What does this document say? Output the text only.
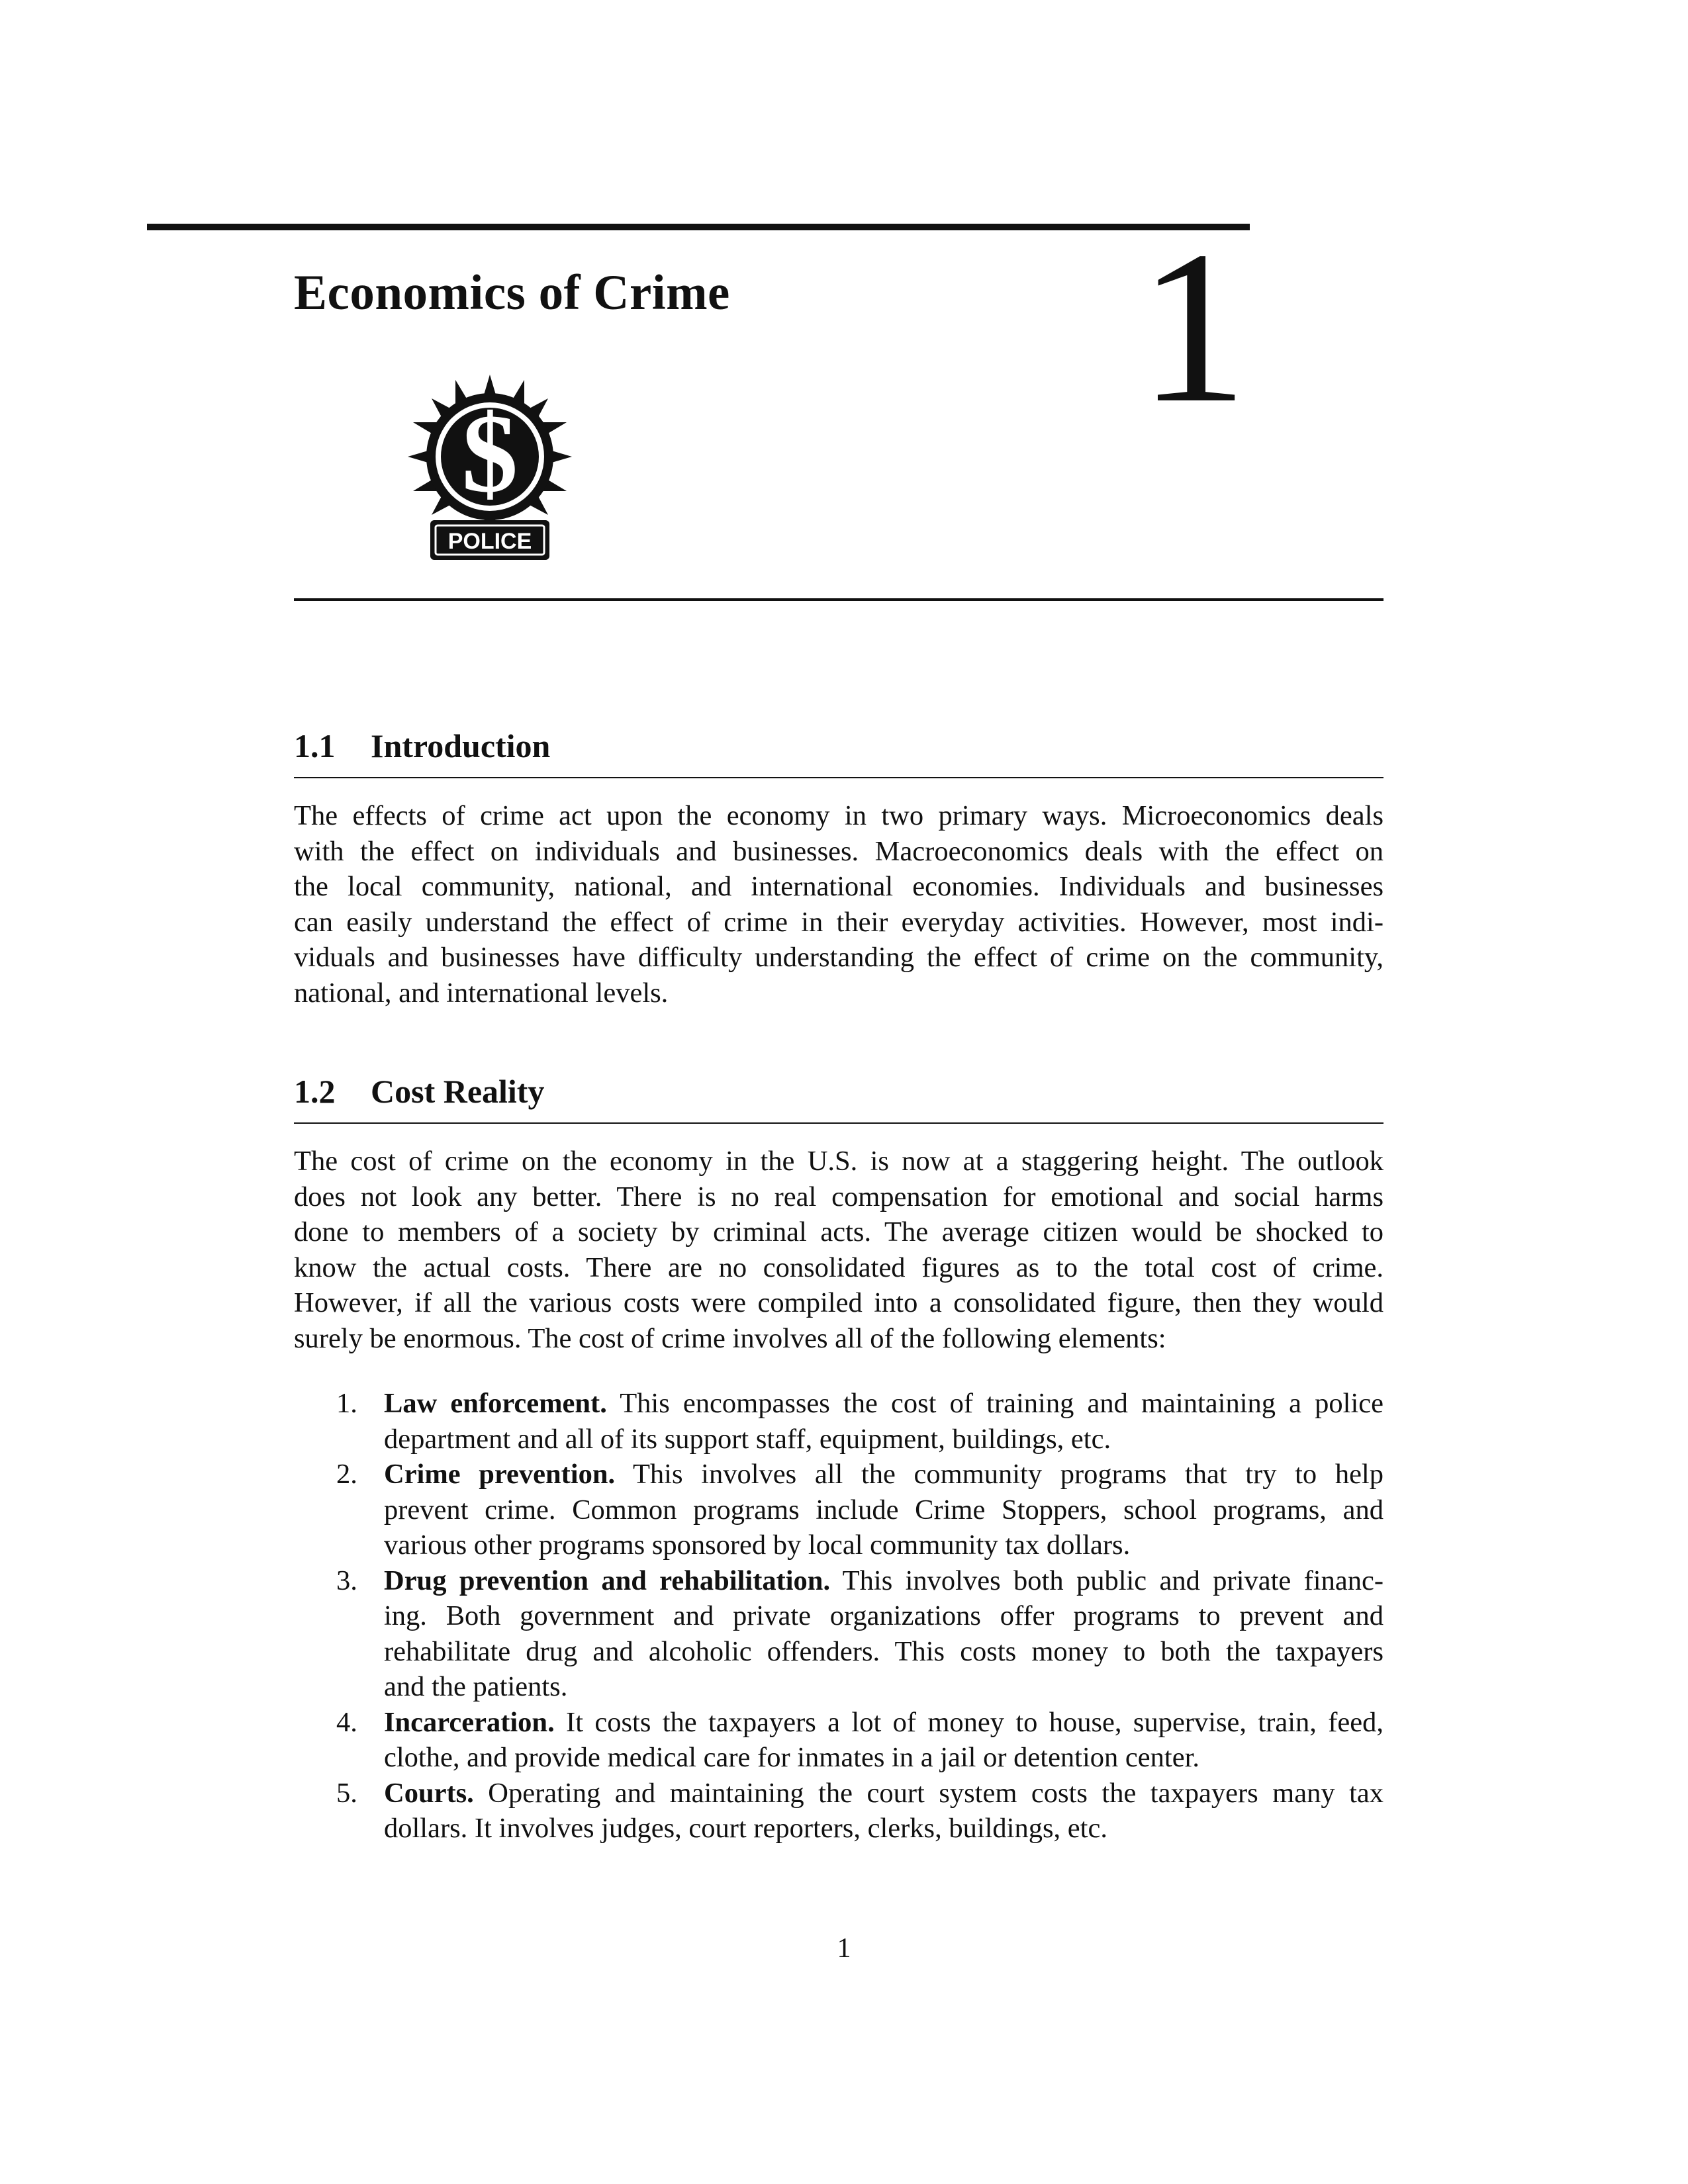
Economics of Crime 1
$
POLICE
1.1 Introduction
The effects of crime act upon the economy in two primary ways. Microeconomics deals
with the effect on individuals and businesses. Macroeconomics deals with the effect on
the local community, national, and international economies. Individuals and businesses
can easily understand the effect of crime in their everyday activities. However, most indi-
viduals and businesses have difficulty understanding the effect of crime on the community,
national, and international levels.
1.2 Cost Reality
The cost of crime on the economy in the U.S. is now at a staggering height. The outlook
does not look any better. There is no real compensation for emotional and social harms
done to members of a society by criminal acts. The average citizen would be shocked to
know the actual costs. There are no consolidated figures as to the total cost of crime.
However, if all the various costs were compiled into a consolidated figure, then they would
surely be enormous. The cost of crime involves all of the following elements:
1. Law enforcement. This encompasses the cost of training and maintaining a police
department and all of its support staff, equipment, buildings, etc.
2. Crime prevention. This involves all the community programs that try to help
prevent crime. Common programs include Crime Stoppers, school programs, and
various other programs sponsored by local community tax dollars.
3. Drug prevention and rehabilitation. This involves both public and private financ-
ing. Both government and private organizations offer programs to prevent and
rehabilitate drug and alcoholic offenders. This costs money to both the taxpayers
and the patients.
4. Incarceration. It costs the taxpayers a lot of money to house, supervise, train, feed,
clothe, and provide medical care for inmates in a jail or detention center.
5. Courts. Operating and maintaining the court system costs the taxpayers many tax
dollars. It involves judges, court reporters, clerks, buildings, etc.
1
